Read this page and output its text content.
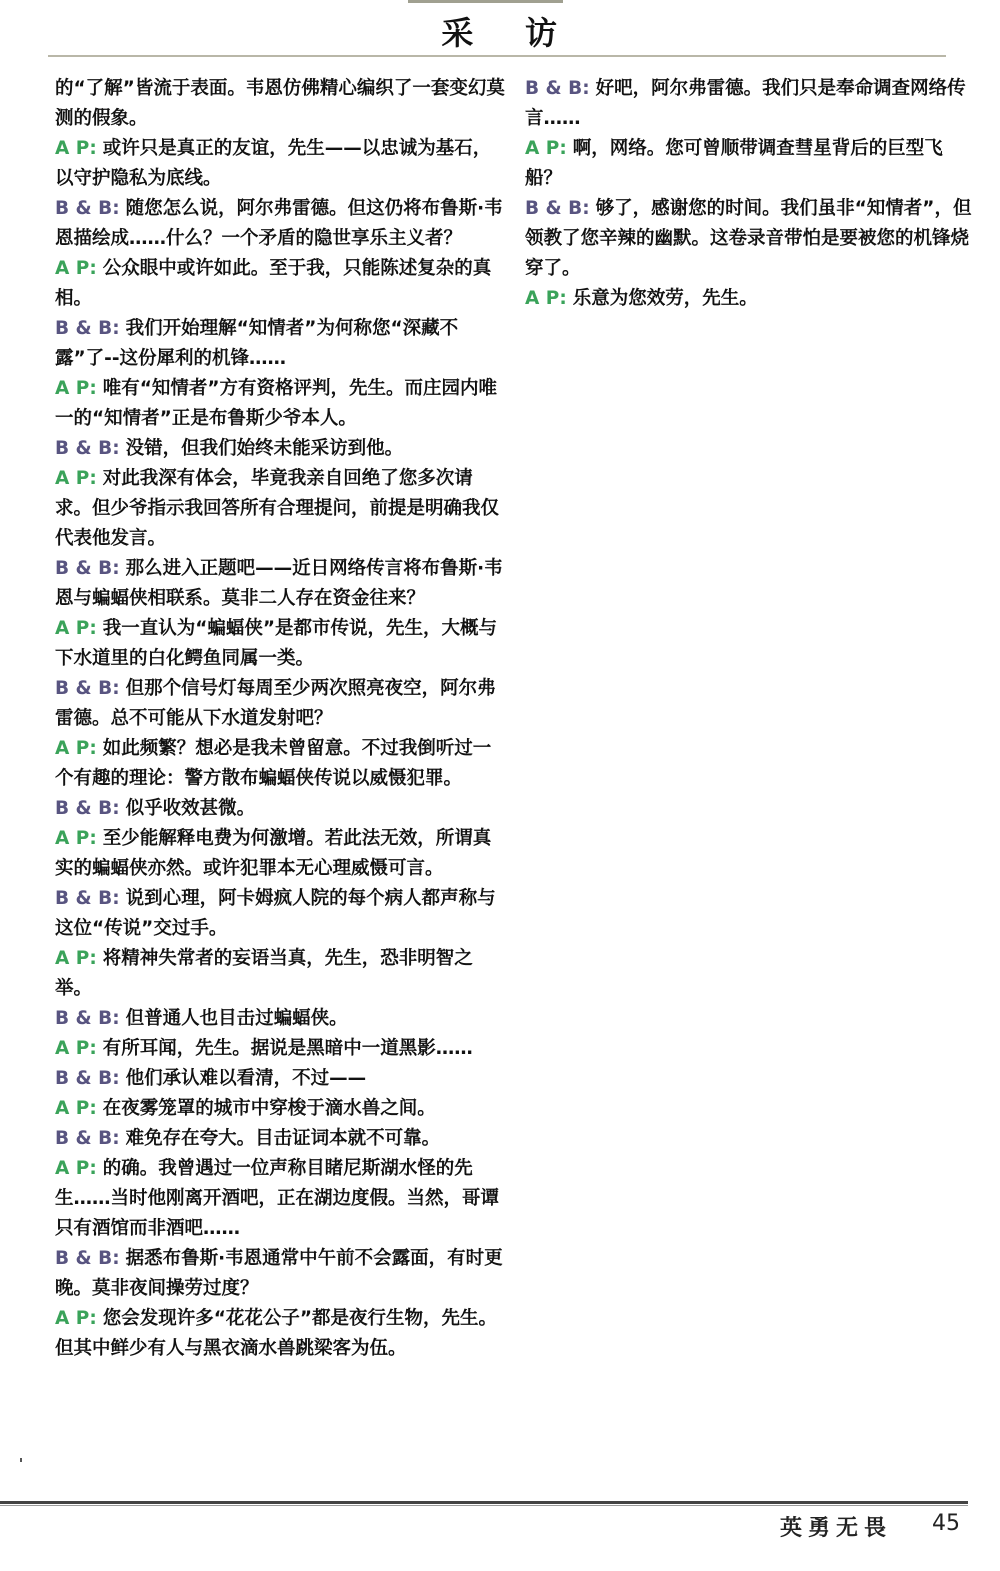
采 访

的“了解”皆流于表面。韦恩仿佛精心编织了一套变幻莫测的假象。

A P: 或许只是真正的友谊，先生——以忠诚为基石，以守护隐私为底线。

B & B: 随您怎么说，阿尔弗雷德。但这仍将布鲁斯·韦恩描绘成……什么？一个矛盾的隐世享乐主义者？

A P: 公众眼中或许如此。至于我，只能陈述复杂的真相。

B & B: 我们开始理解“知情者”为何称您“深藏不露”了--这份犀利的机锋……

A P: 唯有“知情者”方有资格评判，先生。而庄园内唯一的“知情者”正是布鲁斯少爷本人。

B & B: 没错，但我们始终未能采访到他。

A P: 对此我深有体会，毕竟我亲自回绝了您多次请求。但少爷指示我回答所有合理提问，前提是明确我仅代表他发言。

B & B: 那么进入正题吧——近日网络传言将布鲁斯·韦恩与蝙蝠侠相联系。莫非二人存在资金往来？

A P: 我一直认为“蝙蝠侠”是都市传说，先生，大概与下水道里的白化鳄鱼同属一类。

B & B: 但那个信号灯每周至少两次照亮夜空，阿尔弗雷德。总不可能从下水道发射吧？

A P: 如此频繁？想必是我未曾留意。不过我倒听过一个有趣的理论：警方散布蝙蝠侠传说以威慑犯罪。

B & B: 似乎收效甚微。

A P: 至少能解释电费为何激增。若此法无效，所谓真实的蝙蝠侠亦然。或许犯罪本无心理威慑可言。

B & B: 说到心理，阿卡姆疯人院的每个病人都声称与这位“传说”交过手。

A P: 将精神失常者的妄语当真，先生，恐非明智之举。

B & B: 但普通人也目击过蝙蝠侠。

A P: 有所耳闻，先生。据说是黑暗中一道黑影……

B & B: 他们承认难以看清，不过——

A P: 在夜雾笼罩的城市中穿梭于滴水兽之间。

B & B: 难免存在夸大。目击证词本就不可靠。

A P: 的确。我曾遇过一位声称目睹尼斯湖水怪的先生……当时他刚离开酒吧，正在湖边度假。当然，哥谭只有酒馆而非酒吧……

B & B: 据悉布鲁斯·韦恩通常中午前不会露面，有时更晚。莫非夜间操劳过度？

A P: 您会发现许多“花花公子”都是夜行生物，先生。但其中鲜少有人与黑衣滴水兽跳梁客为伍。

B & B: 好吧，阿尔弗雷德。我们只是奉命调查网络传言……

A P: 啊，网络。您可曾顺带调查彗星背后的巨型飞船？

B & B: 够了，感谢您的时间。我们虽非“知情者”，但领教了您辛辣的幽默。这卷录音带怕是要被您的机锋烧穿了。

A P: 乐意为您效劳，先生。

英勇无畏 45
